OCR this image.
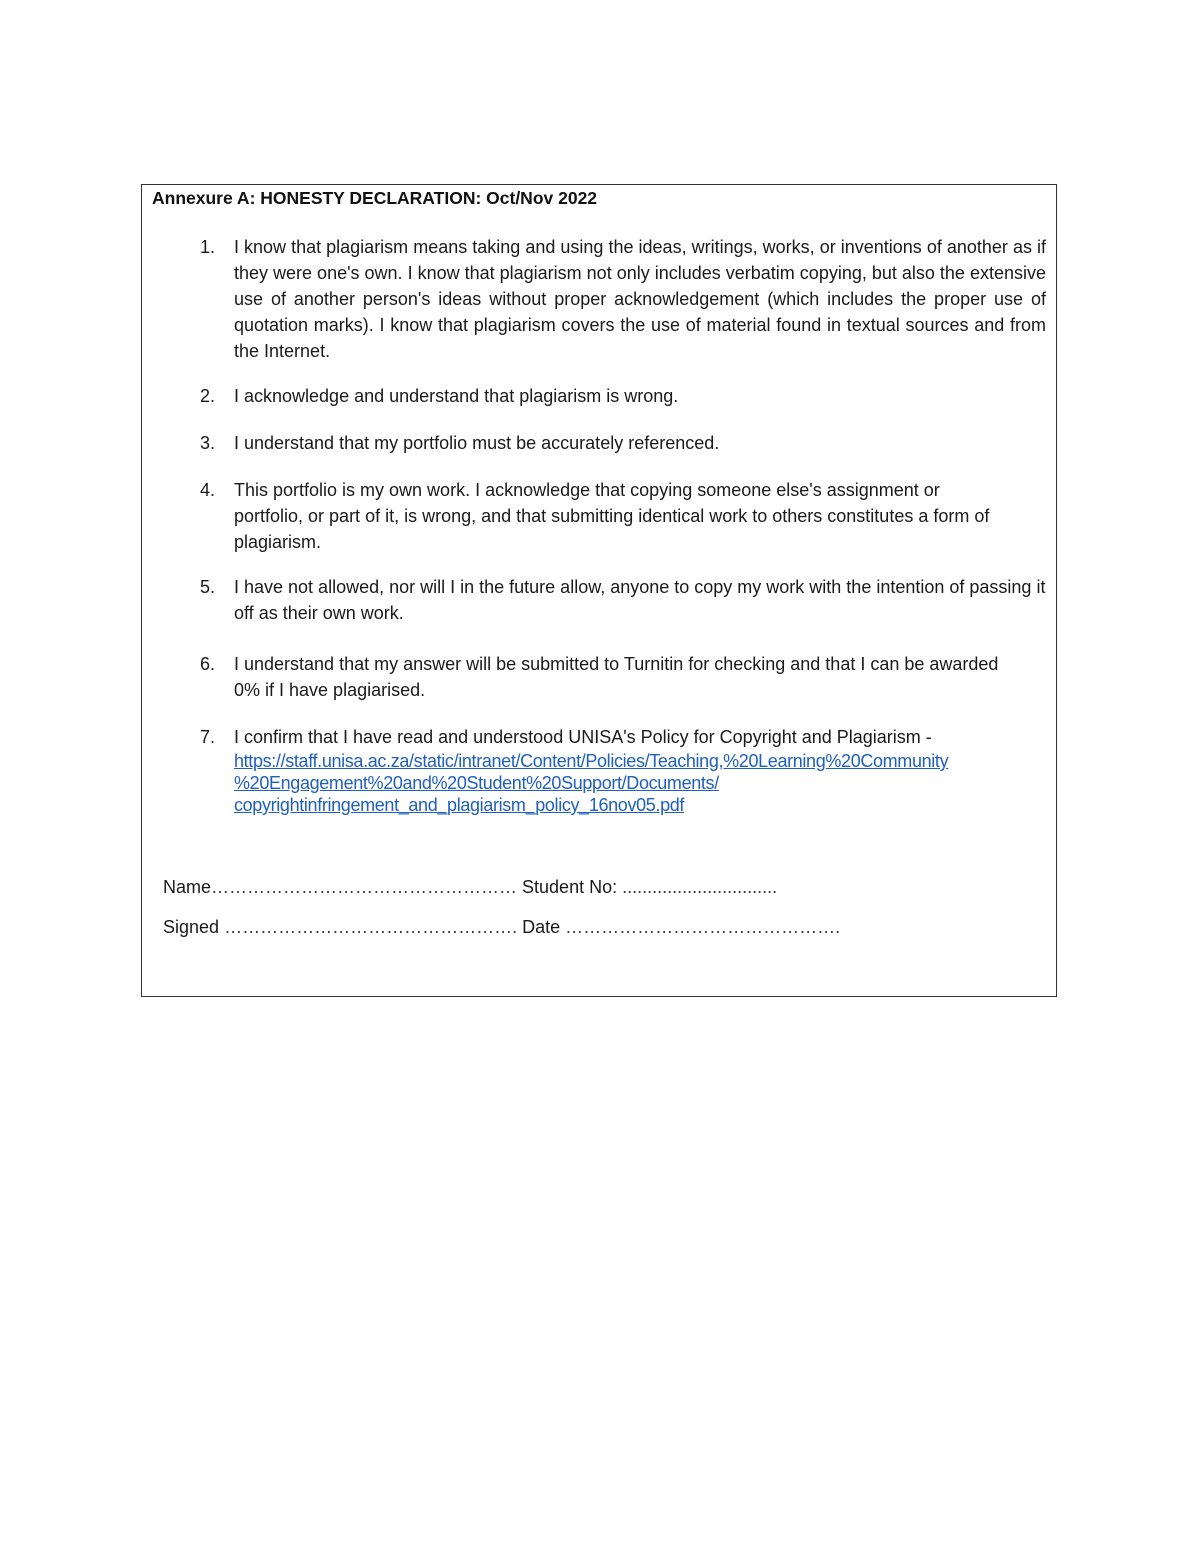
Annexure A: HONESTY DECLARATION: Oct/Nov 2022
1.	I know that plagiarism means taking and using the ideas, writings, works, or inventions of another as if they were one's own. I know that plagiarism not only includes verbatim copying, but also the extensive use of another person's ideas without proper acknowledgement (which includes the proper use of quotation marks). I know that plagiarism covers the use of material found in textual sources and from the Internet.
2.	I acknowledge and understand that plagiarism is wrong.
3.	I understand that my portfolio must be accurately referenced.
4.	This portfolio is my own work. I acknowledge that copying someone else's assignment or portfolio, or part of it, is wrong, and that submitting identical work to others constitutes a form of plagiarism.
5.	I have not allowed, nor will I in the future allow, anyone to copy my work with the intention of passing it off as their own work.
6.	I understand that my answer will be submitted to Turnitin for checking and that I can be awarded 0% if I have plagiarised.
7.	I confirm that I have read and understood UNISA's Policy for Copyright and Plagiarism -
https://staff.unisa.ac.za/static/intranet/Content/Policies/Teaching,%20Learning%20Community
%20Engagement%20and%20Student%20Support/Documents/
copyrightinfringement_and_plagiarism_policy_16nov05.pdf
Name…………………………………………… Student No: ...............................
Signed …………………………………………. Date ……………………………………….
